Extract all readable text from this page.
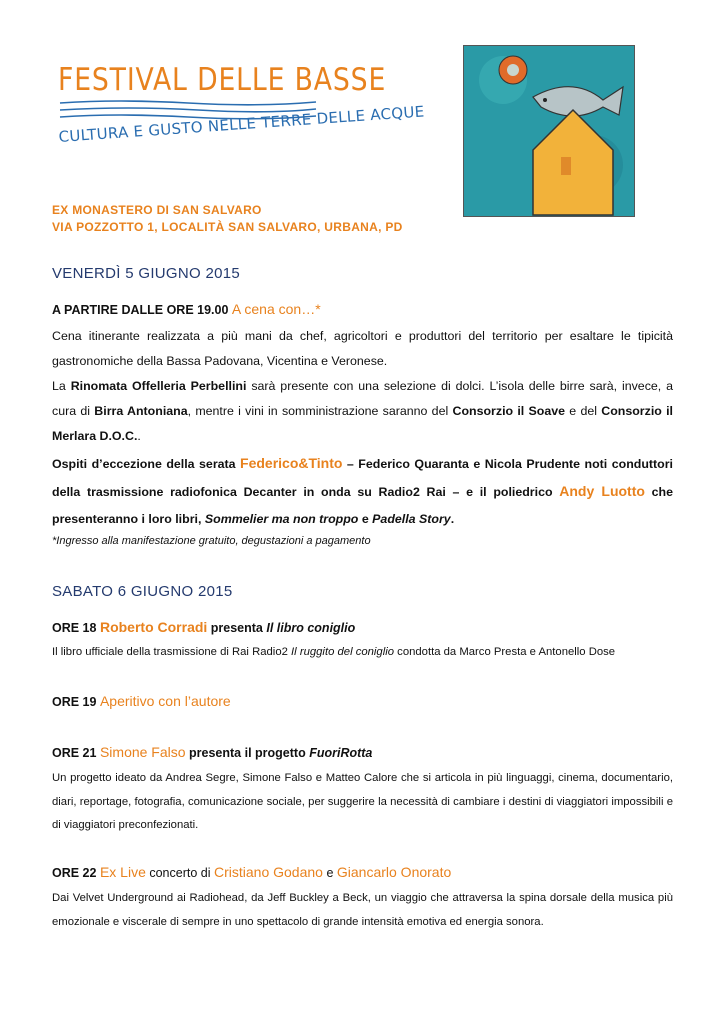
FESTIVAL DELLE BASSE
CULTURA E GUSTO NELLE TERRE DELLE ACQUE
EX MONASTERO DI SAN SALVARO
VIA POZZOTTO 1, LOCALITÀ SAN SALVARO, URBANA, PD
VENERDÌ 5 GIUGNO 2015
A PARTIRE DALLE ORE 19.00 A cena con…*
Cena itinerante realizzata a più mani da chef, agricoltori e produttori del territorio per esaltare le tipicità gastronomiche della Bassa Padovana, Vicentina e Veronese.
La Rinomata Offelleria Perbellini sarà presente con una selezione di dolci. L’isola delle birre sarà, invece, a cura di Birra Antoniana, mentre i vini in somministrazione saranno del Consorzio il Soave e del Consorzio il Merlara D.O.C..
Ospiti d’eccezione della serata Federico&Tinto – Federico Quaranta e Nicola Prudente noti conduttori della trasmissione radiofonica Decanter in onda su Radio2 Rai – e il poliedrico Andy Luotto che presenteranno i loro libri, Sommelier ma non troppo e Padella Story.
*Ingresso alla manifestazione gratuito, degustazioni a pagamento
SABATO 6 GIUGNO 2015
ORE 18 Roberto Corradi presenta Il libro coniglio
Il libro ufficiale della trasmissione di Rai Radio2 Il ruggito del coniglio condotta da Marco Presta e Antonello Dose
ORE 19 Aperitivo con l’autore
ORE 21 Simone Falso presenta il progetto FuoriRotta
Un progetto ideato da Andrea Segre, Simone Falso e Matteo Calore che si articola in più linguaggi, cinema, documentario, diari, reportage, fotografia, comunicazione sociale, per suggerire la necessità di cambiare i destini di viaggiatori impossibili e di viaggiatori preconfezionati.
ORE 22 Ex Live concerto di Cristiano Godano e Giancarlo Onorato
Dai Velvet Underground ai Radiohead, da Jeff Buckley a Beck, un viaggio che attraversa la spina dorsale della musica più emozionale e viscerale di sempre in uno spettacolo di grande intensità emotiva ed energia sonora.
